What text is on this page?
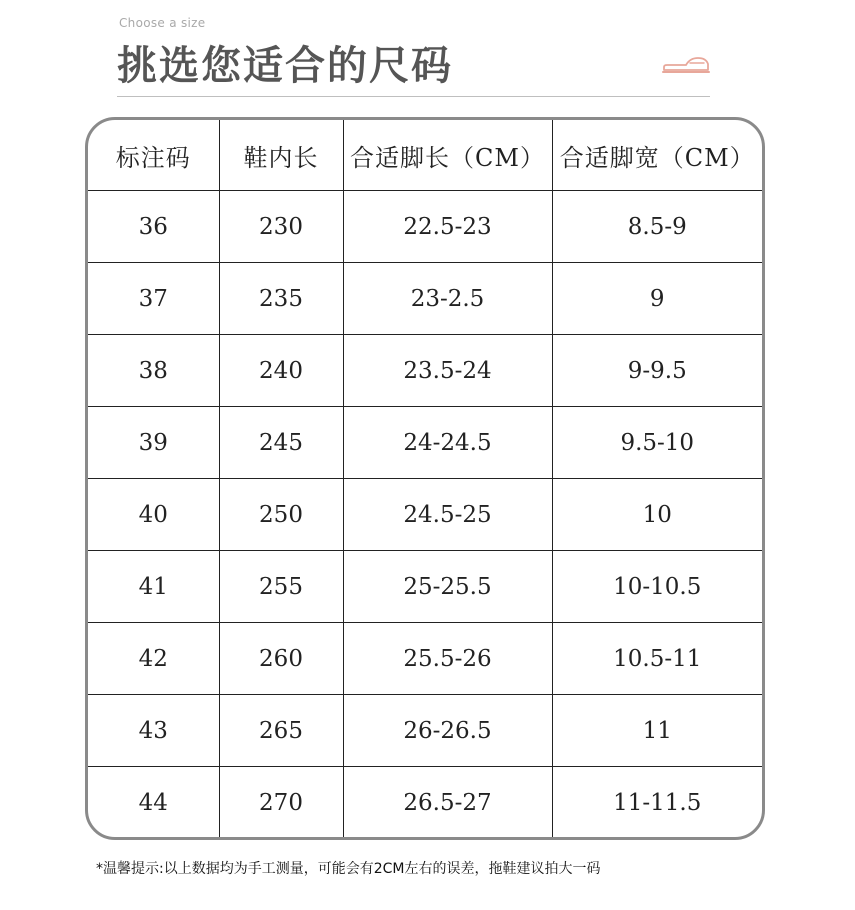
Choose a size
挑选您适合的尺码
标注码	鞋内长	合适脚长（CM）	合适脚宽（CM）
36	230	22.5-23	8.5-9
37	235	23-2.5	9
38	240	23.5-24	9-9.5
39	245	24-24.5	9.5-10
40	250	24.5-25	10
41	255	25-25.5	10-10.5
42	260	25.5-26	10.5-11
43	265	26-26.5	11
44	270	26.5-27	11-11.5
*温馨提示:以上数据均为手工测量，可能会有2CM左右的误差，拖鞋建议拍大一码
